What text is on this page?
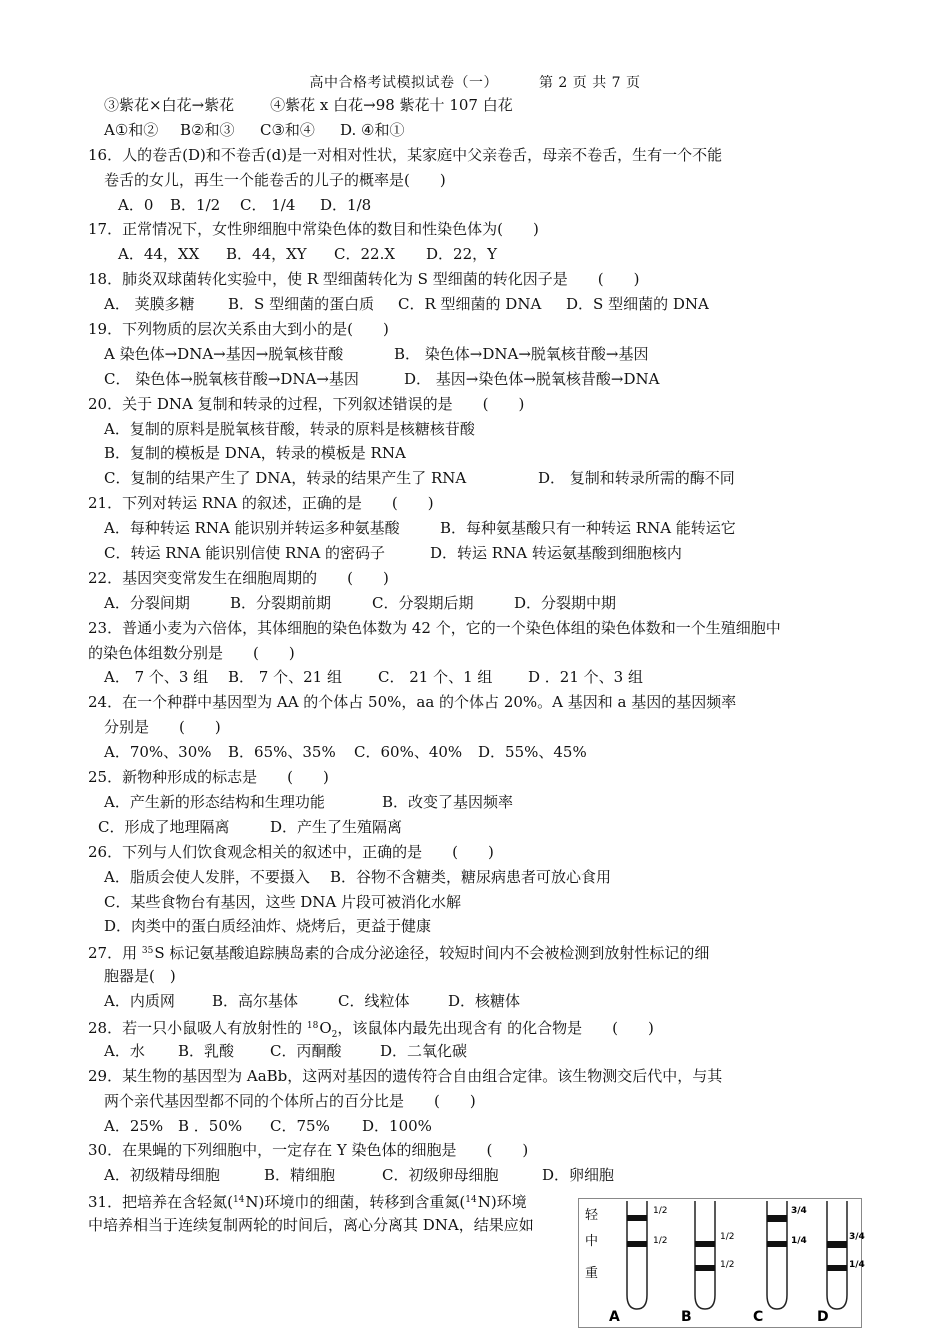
高中合格考试模拟试卷（一）	第 2 页 共 7 页
③紫花×白花→紫花 ④紫花 x 白花→98 紫花十 107 白花
A①和② B②和③ C③和④ D. ④和①
16．人的卷舌(D)和不卷舌(d)是一对相对性状，某家庭中父亲卷舌，母亲不卷舌，生有一个不能
卷舌的女儿，再生一个能卷舌的儿子的概率是(　　)
A．0 B．1/2 C． 1/4 D．1/8
17．正常情况下，女性卵细胞中常染色体的数目和性染色体为(　　)
A．44，XX B．44，XY C．22.X D．22，Y
18．肺炎双球菌转化实验中，使 R 型细菌转化为 S 型细菌的转化因子是　　(　　)
A． 荚膜多糖 B．S 型细菌的蛋白质 C．R 型细菌的 DNA D．S 型细菌的 DNA
19．下列物质的层次关系由大到小的是(　　)
A 染色体→DNA→基因→脱氧核苷酸	B． 染色体→DNA→脱氧核苷酸→基因
C． 染色体→脱氧核苷酸→DNA→基因	D． 基因→染色体→脱氧核昔酸→DNA
20．关于 DNA 复制和转录的过程，下列叙述错误的是　　(　　)
A．复制的原料是脱氧核苷酸，转录的原料是核糖核苷酸
B．复制的模板是 DNA，转录的模板是 RNA
C．复制的结果产生了 DNA，转录的结果产生了 RNA	D． 复制和转录所需的酶不同
21．下列对转运 RNA 的叙述，正确的是　　(　　)
A．每种转运 RNA 能识别并转运多种氨基酸	B．每种氨基酸只有一种转运 RNA 能转运它
C．转运 RNA 能识别信使 RNA 的密码子	D．转运 RNA 转运氨基酸到细胞核内
22．基因突变常发生在细胞周期的　　(　　)
A．分裂间期	B．分裂期前期	C．分裂期后期	D．分裂期中期
23．普通小麦为六倍体，其体细胞的染色体数为 42 个，它的一个染色体组的染色体数和一个生殖细胞中
的染色体组数分别是　　(　　)
A． 7 个、3 组 B． 7 个、21 组 C． 21 个、1 组 D ．21 个、3 组
24．在一个种群中基因型为 AA 的个体占 50%，aa 的个体占 20%。A 基因和 a 基因的基因频率
分别是　　(　　)
A．70%、30% B．65%、35% C．60%、40% D．55%、45%
25．新物种形成的标志是　　(　　)
A．产生新的形态结构和生理功能	B．改变了基因频率
C．形成了地理隔离	D．产生了生殖隔离
26．下列与人们饮食观念相关的叙述中，正确的是　　(　　)
A．脂质会使人发胖，不要摄入 B．谷物不含糖类，糖尿病患者可放心食用
C．某些食物台有基因，这些 DNA 片段可被消化水解
D．肉类中的蛋白质经油炸、烧烤后，更益于健康
27．用 $^{35}$S 标记氨基酸追踪胰岛素的合成分泌途径，较短时间内不会被检测到放射性标记的细
胞器是(　)
A．内质网 B．高尔基体	C．线粒体	D．核糖体
28．若一只小鼠吸人有放射性的 $^{18}O_2$，该鼠体内最先出现含有 的化合物是　　(　　)
A．水 B．乳酸 C．丙酮酸	D．二氧化碳
29．某生物的基因型为 AaBb，这两对基因的遗传符合自由组合定律。该生物测交后代中，与其
两个亲代基因型都不同的个体所占的百分比是　　(　　)
A．25% B ．50% C．75% D．100%
30．在果蝇的下列细胞中，一定存在 Y 染色体的细胞是　　(　　)
A．初级精母细胞	B．精细胞	C．初级卵母细胞	D．卵细胞
31．把培养在含轻氮($^{14}$N)环境巾的细菌，转移到含重氮($^{14}$N)环境
中培养相当于连续复制两轮的时间后，离心分离其 DNA，结果应如
轻
中
重
1/2
1/2
A
1/2
1/2
B
3/4
1/4
C
3/4
1/4
D
